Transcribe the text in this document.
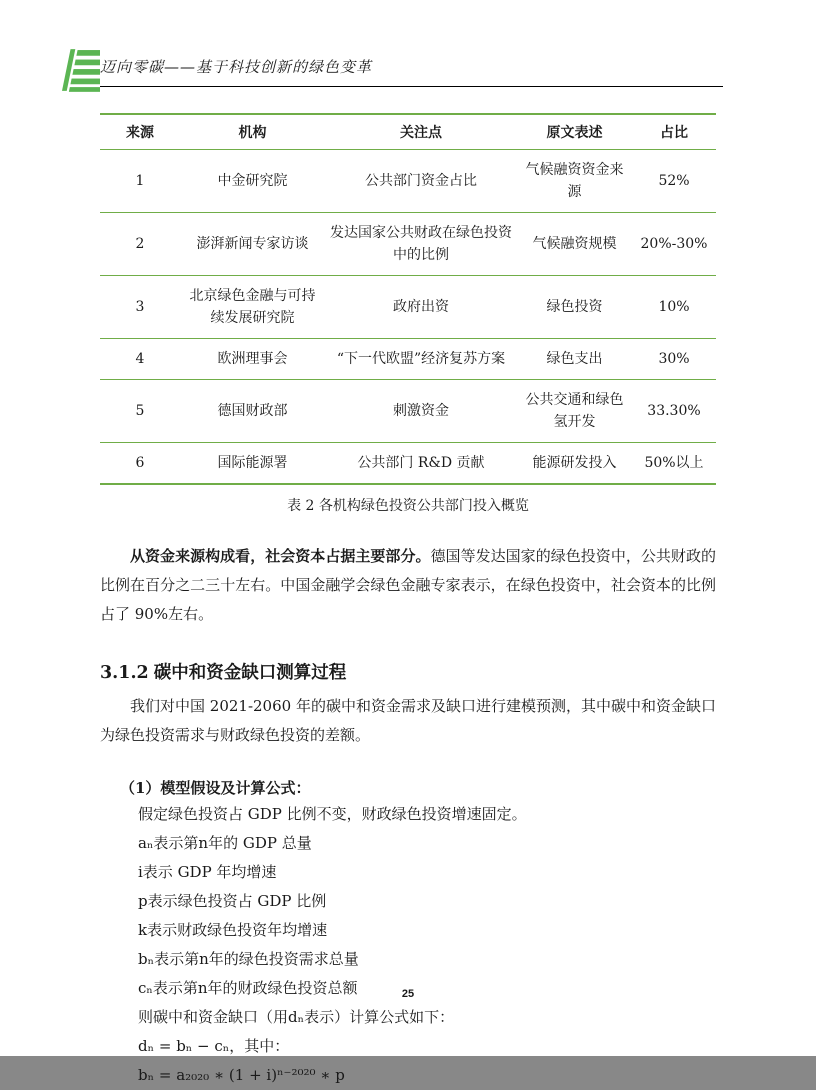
迈向零碳——基于科技创新的绿色变革
来源	机构	关注点	原文表述	占比
1	中金研究院	公共部门资金占比	气候融资资金来源	52%
2	澎湃新闻专家访谈	发达国家公共财政在绿色投资中的比例	气候融资规模	20%-30%
3	北京绿色金融与可持续发展研究院	政府出资	绿色投资	10%
4	欧洲理事会	“下一代欧盟”经济复苏方案	绿色支出	30%
5	德国财政部	刺激资金	公共交通和绿色氢开发	33.30%
6	国际能源署	公共部门 R&D 贡献	能源研发投入	50%以上
表 2 各机构绿色投资公共部门投入概览

从资金来源构成看，社会资本占据主要部分。德国等发达国家的绿色投资中，公共财政的比例在百分之二三十左右。中国金融学会绿色金融专家表示，在绿色投资中，社会资本的比例占了 90%左右。

3.1.2 碳中和资金缺口测算过程

我们对中国 2021-2060 年的碳中和资金需求及缺口进行建模预测，其中碳中和资金缺口为绿色投资需求与财政绿色投资的差额。

（1）模型假设及计算公式：
假定绿色投资占 GDP 比例不变，财政绿色投资增速固定。
aₙ表示第n年的 GDP 总量
i表示 GDP 年均增速
p表示绿色投资占 GDP 比例
k表示财政绿色投资年均增速
bₙ表示第n年的绿色投资需求总量
cₙ表示第n年的财政绿色投资总额
则碳中和资金缺口（用dₙ表示）计算公式如下：
dₙ = bₙ − cₙ，其中：
bₙ = a₂₀₂₀ ∗ (1 + i)ⁿ⁻²⁰²⁰ ∗ p
25
